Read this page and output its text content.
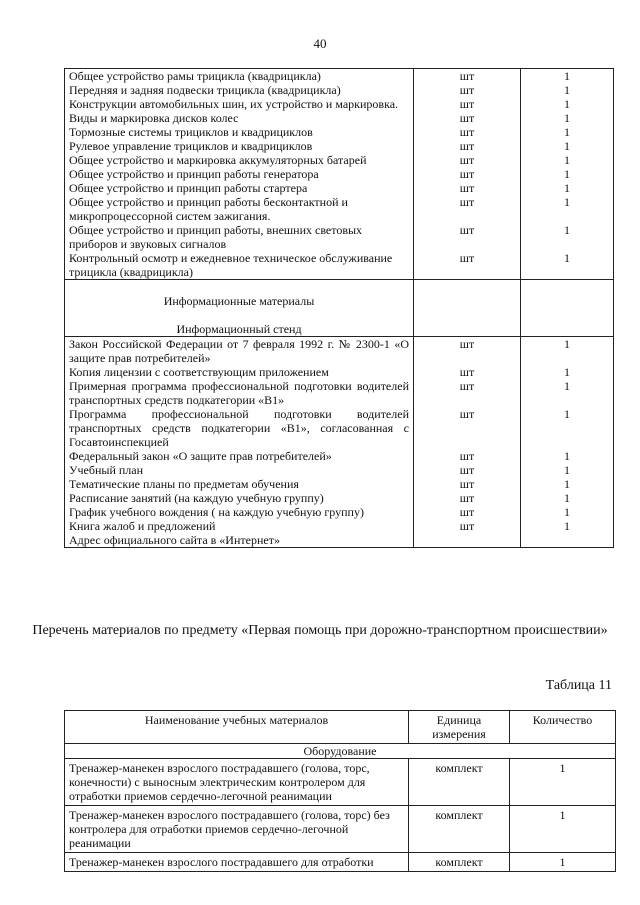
40
Общее устройство рамы трицикла (квадрицикла)	шт	1
Передняя и задняя подвески трицикла (квадрицикла)	шт	1
Конструкции автомобильных шин, их устройство и маркировка.	шт	1
Виды и маркировка дисков колес	шт	1
Тормозные системы трициклов и квадрициклов	шт	1
Рулевое управление трициклов и квадрициклов	шт	1
Общее устройство и маркировка аккумуляторных батарей	шт	1
Общее устройство и принцип работы генератора	шт	1
Общее устройство и принцип работы стартера	шт	1
Общее устройство и принцип работы бесконтактной и микропроцессорной систем зажигания.	шт	1
Общее устройство и принцип работы, внешних световых приборов и звуковых сигналов	шт	1
Контрольный осмотр и ежедневное техническое обслуживание трицикла (квадрицикла)	шт	1

Информационные материалы		

Информационный стенд		
Закон Российской Федерации от 7 февраля 1992 г. № 2300-1 «О защите прав потребителей»	шт	1
Копия лицензии с соответствующим приложением	шт	1
Примерная программа профессиональной подготовки водителей транспортных средств подкатегории «В1»	шт	1
Программа профессиональной подготовки водителей транспортных средств подкатегории «В1», согласованная с Госавтоинспекцией	шт	1
Федеральный закон «О защите прав потребителей»	шт	1
Учебный план	шт	1
Тематические планы по предметам обучения	шт	1
Расписание занятий (на каждую учебную группу)	шт	1
График учебного вождения ( на каждую учебную группу)	шт	1
Книга жалоб и предложений	шт	1
Адрес официального сайта в «Интернет»		
Перечень материалов по предмету «Первая помощь при дорожно-транспортном происшествии»
Таблица 11
Наименование учебных материалов	Единица измерения	Количество
Оборудование		
Тренажер-манекен взрослого пострадавшего (голова, торс, конечности) с выносным электрическим контролером для отработки приемов сердечно-легочной реанимации	комплект	1
Тренажер-манекен взрослого пострадавшего (голова, торс) без контролера для отработки приемов сердечно-легочной реанимации	комплект	1
Тренажер-манекен взрослого пострадавшего для отработки	комплект	1
